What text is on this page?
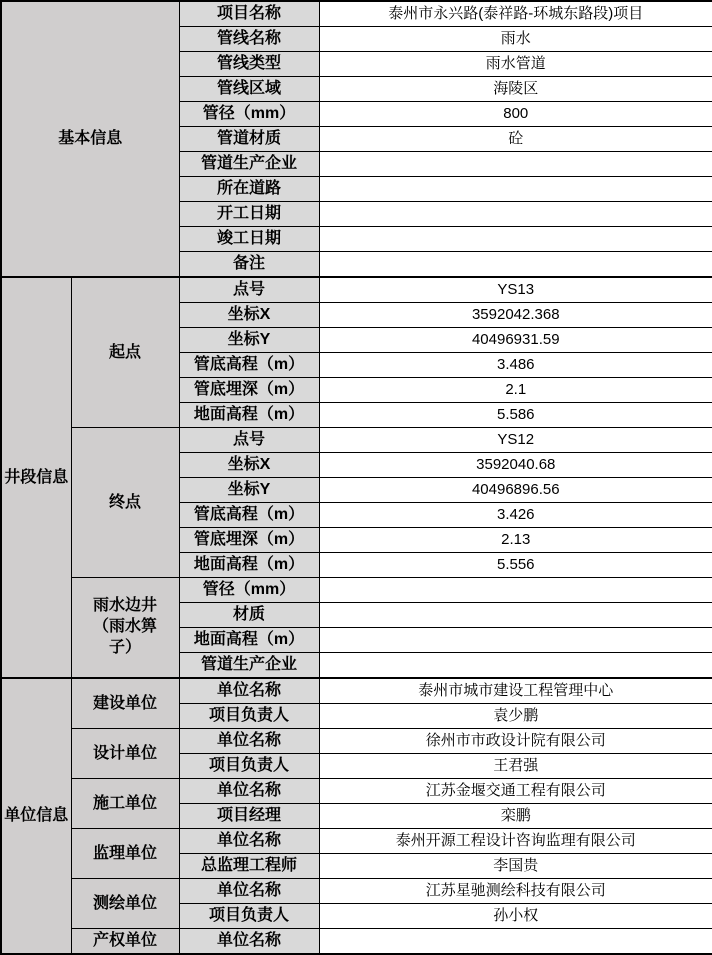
基本信息		项目名称	泰州市永兴路(泰祥路-环城东路段)项目
		管线名称	雨水
		管线类型	雨水管道
		管线区域	海陵区
		管径（mm）	800
		管道材质	砼
		管道生产企业	
		所在道路	
		开工日期	
		竣工日期	
		备注	
井段信息	起点	点号	YS13
		坐标X	3592042.368
		坐标Y	40496931.59
		管底高程（m）	3.486
		管底埋深（m）	2.1
		地面高程（m）	5.586
	终点	点号	YS12
		坐标X	3592040.68
		坐标Y	40496896.56
		管底高程（m）	3.426
		管底埋深（m）	2.13
		地面高程（m）	5.556
	雨水边井（雨水箅子）	管径（mm）	
		材质	
		地面高程（m）	
		管道生产企业	
单位信息	建设单位	单位名称	泰州市城市建设工程管理中心
		项目负责人	袁少鹏
	设计单位	单位名称	徐州市市政设计院有限公司
		项目负责人	王君强
	施工单位	单位名称	江苏金堰交通工程有限公司
		项目经理	栾鹏
	监理单位	单位名称	泰州开源工程设计咨询监理有限公司
		总监理工程师	李国贵
	测绘单位	单位名称	江苏星驰测绘科技有限公司
		项目负责人	孙小权
	产权单位	单位名称	
